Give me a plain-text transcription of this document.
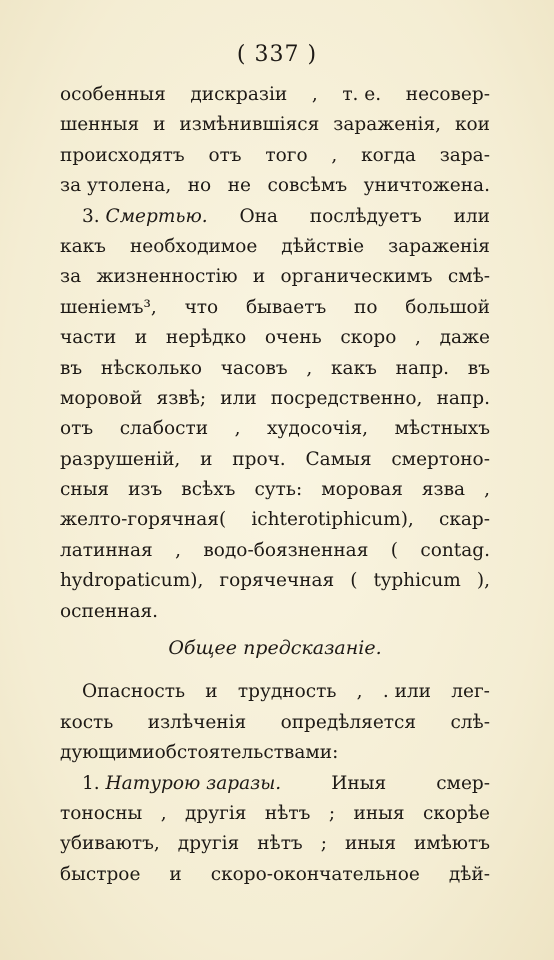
( 337 )
особенныя дискразіи , т. е. несовер-
шенныя и измѣнившіяся зараженія, кои
происходятъ отъ того , когда зара-
за утолена, но не совсѣмъ уничтожена.
3. Смертью. Она послѣдуетъ или
какъ необходимое дѣйствіе зараженія
за жизненностію и органическимъ смѣ-
шеніемъ³, что бываетъ по большой
части и нерѣдко очень скоро , даже
въ нѣсколько часовъ , какъ напр. въ
моровой язвѣ; или посредственно, напр.
отъ слабости , худосочія, мѣстныхъ
разрушеній, и проч. Самыя смертоно-
сныя изъ всѣхъ суть: моровая язва ,
желто-горячная( ichterotiphicum), скар-
латинная , водо-боязненная ( contag.
hydropaticum), горячечная ( typhicum ),
оспенная.
Общее предсказаніе.
Опасность и трудность , . или лег-
кость излѣченія опредѣляется слѣ-
дующими обстоятельствами :
1. Натурою заразы.	Иныя	смер-
тоносны , другія нѣтъ ; иныя скорѣе
убиваютъ, другія нѣтъ ; иныя имѣютъ
быстрое и скоро-окончательное дѣй-
